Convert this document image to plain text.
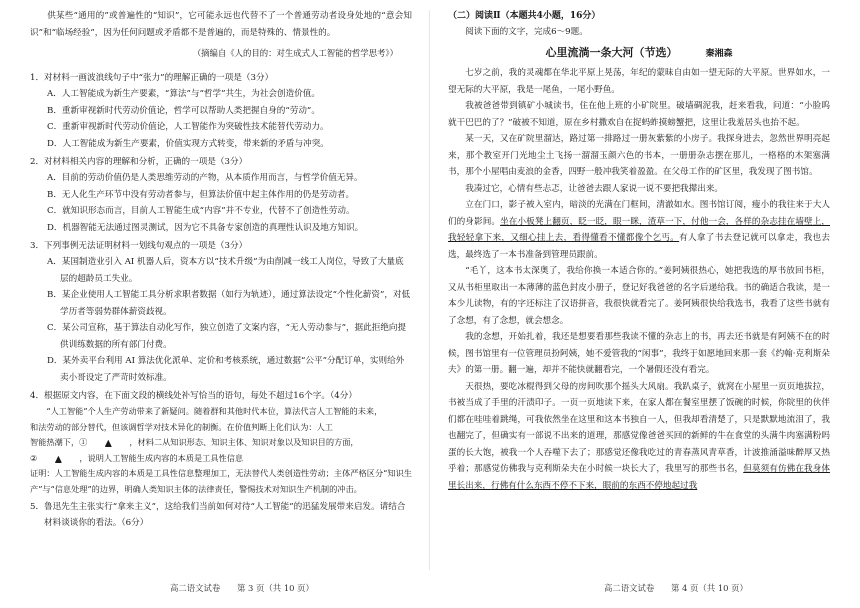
供某些“通用的”或普遍性的“知识”，它可能永远也代替不了一个普通劳动者设身处地的“意会知识”和“临场经验”，因为任何问题或矛盾都不是普遍的，而是特殊的、情景性的。

（摘编自《人的目的：对生成式人工智能的哲学思考》）

1．对材料一画波浪线句子中“张力”的理解正确的一项是（3分）

A．人工智能成为新生产要素，“算法”与“哲学”共生，为社会创造价值。

B．重新审视新时代劳动价值论，哲学可以帮助人类把握自身的“劳动”。

C．重新审视新时代劳动价值论，人工智能作为突破性技术能替代劳动力。

D．人工智能成为新生产要素，价值实现方式转变，带来新的矛盾与冲突。

2．对材料相关内容的理解和分析，正确的一项是（3分）

A．目前的劳动价值仍是人类思维劳动的产物，从本质作用而言，与哲学价值无异。

B．无人化生产环节中没有劳动者参与，但算法价值中起主体作用的仍是劳动者。

C．就知识形态而言，目前人工智能生成“内容”并不专业，代替不了创造性劳动。

D．机器智能无法通过图灵测试，因为它不具备专家创造的真理性认识及地方知识。

3．下列事例无法证明材料一划线句观点的一项是（3分）

A．某国制造业引入 AI 机器人后，资本方以“技术升级”为由削减一线工人岗位，导致了大量底层的超龄员工失业。

B．某企业使用人工智能工具分析求职者数据（如行为轨迹），通过算法设定“个性化薪资”，对低学历者等弱势群体薪资歧视。

C．某公司宣称，基于算法自动化写作，独立创造了文案内容，“无人劳动参与”，据此拒绝向提供训练数据的所有部门付费。

D．某外卖平台利用 AI 算法优化派单、定价和考核系统，通过数据“公平”分配订单，实则给外卖小哥设定了严苛时效标准。

4．根据原文内容，在下面文段的横线处补写恰当的语句，每处不超过16个字。（4分）

“人工智能”个人生产劳动带来了新疑问。随着群和其他时代本位，算法代言人工智能的未来，

和法劳动的部分替代，但该调哲学对技术异化的制衡。在价值判断上化们认为：人工

智能热潮下，① ▲ ，材料二从知识形态、知识主体、知识对象以及知识目的方面，

② ▲ ，说明人工智能生成内容的本质是工具性信息

证明：人工智能生成内容的本质是工具性信息整理加工，无法替代人类创造性劳动；主体严格区分“知识生产”与“信息处理”的边界，明确人类知识主体的法律责任，警惕技术对知识生产机制的冲击。

5．鲁迅先生主张实行“拿来主义”，这给我们当前如何对待“人工智能”的迅猛发展带来启发。请结合材料谈谈你的看法。（6分）

高二语文试卷　　第 3 页（共 10 页）

（二）阅读Ⅱ（本题共4小题，16分）

阅读下面的文字，完成6～9题。

心里流淌一条大河（节选）	秦湘森

七岁之前，我的灵魂都在华北平原上晃荡，年纪的蒙昧自由如一望无际的大平原。世界如水，一望无际的大平原，我是一尾鱼，一尾小野鱼。

我被爸爸带到镇矿小城读书，住在他上班的小矿院里。破墙碉泥我，赶来看我，问道：“小脸呜就干巴巴的了？”破被不知道，原在乡村撒欢自在捉蚂蚱摸螃蟹把，这里让我羞居头也抬不起。

某一天，又在矿院里溜达，路过第一排路过一册灰紫紫的小房子。我探身进去，忽然世界明亮起来，那个教室开门光地尘土飞扬一溜溜玉颜六色的书本，一册册杂志摆在那儿，一格格的木架塞满书，那个小屋唱由麦浪的金香，四野一般冲我笑着盈盈。在父母工作的矿区里，我发现了图书馆。

我凑过它，心情有些忐忑，让爸爸去跟人家说一说不要把我撵出来。

立在门口，影子被入室内，暗淡的光满在门框间，清澈如水。图书馆订阅，瘦小的我往来于大人们的身影间。坐在小板凳上翻页，眨一眨，眼一眯，渣草一下，付他一会，各样的杂志挂在墙壁上，我轻轻拿下来，又细心挂上去，看得懂看不懂都像个乞丐。有人拿了书去登记就可以拿走，我也去选，最终选了一本书准备到管理员跟前。

“毛丫，这本书太深奥了，我给你换一本适合你的。”姜阿姨很热心，她把我选的厚书放回书柜，又从书柜里取出一本薄薄的蓝色封皮小册子，登记好我爸爸的名字后递给我。书的确适合我读，是一本少儿读物，有的字还标注了汉语拼音，我很快就看完了。姜阿姨很快给我选书，我看了这些书就有了念想，有了念想，就会想念。

我的念想，开始扎着，我还是想要看那些我读不懂的杂志上的书，再去还书就是有阿姨不在的时候，图书馆里有一位管理员扮阿姨，她不爱管我的“闲事”，我终于如愿地回来那一套《约翰·克利斯朵夫》的第一册。翻一遍，却并不能快就翻看完，一个暑假还没有看完。

天很热，要吃冰棍得到父母的房间吹那个摇头大风扇。我趴桌子，就窝在小屋里一页页地拔拉，书被当成了手里的汗渍印子。一页一页地读下来，在家人都在餐室里摆了饭碗的时候，你院里的伙伴们都在哇哇着跳绳，可我依然坐在这里和这本书独自一人，但我却看清楚了，只是默默地流泪了，我也翻完了，但确实有一部说不出来的道理，那感觉像爸爸买回的新鲜的牛在食堂的头满牛肉塞满粉吗蛋的长大饱，被我一个人吞噬下去了；那感觉还像我吃过的青春蒸风青草香，计波推涌溢味醉厚又热乎着；那感觉仿佛我与克利斯朵夫在小时候一块长大了，我里写的那些书名，但莫须有仿佛在我身体里长出来，行佛有什么东西不停不下来，眼前的东西不停地起过我

高二语文试卷　　第 4 页（共 10 页）
